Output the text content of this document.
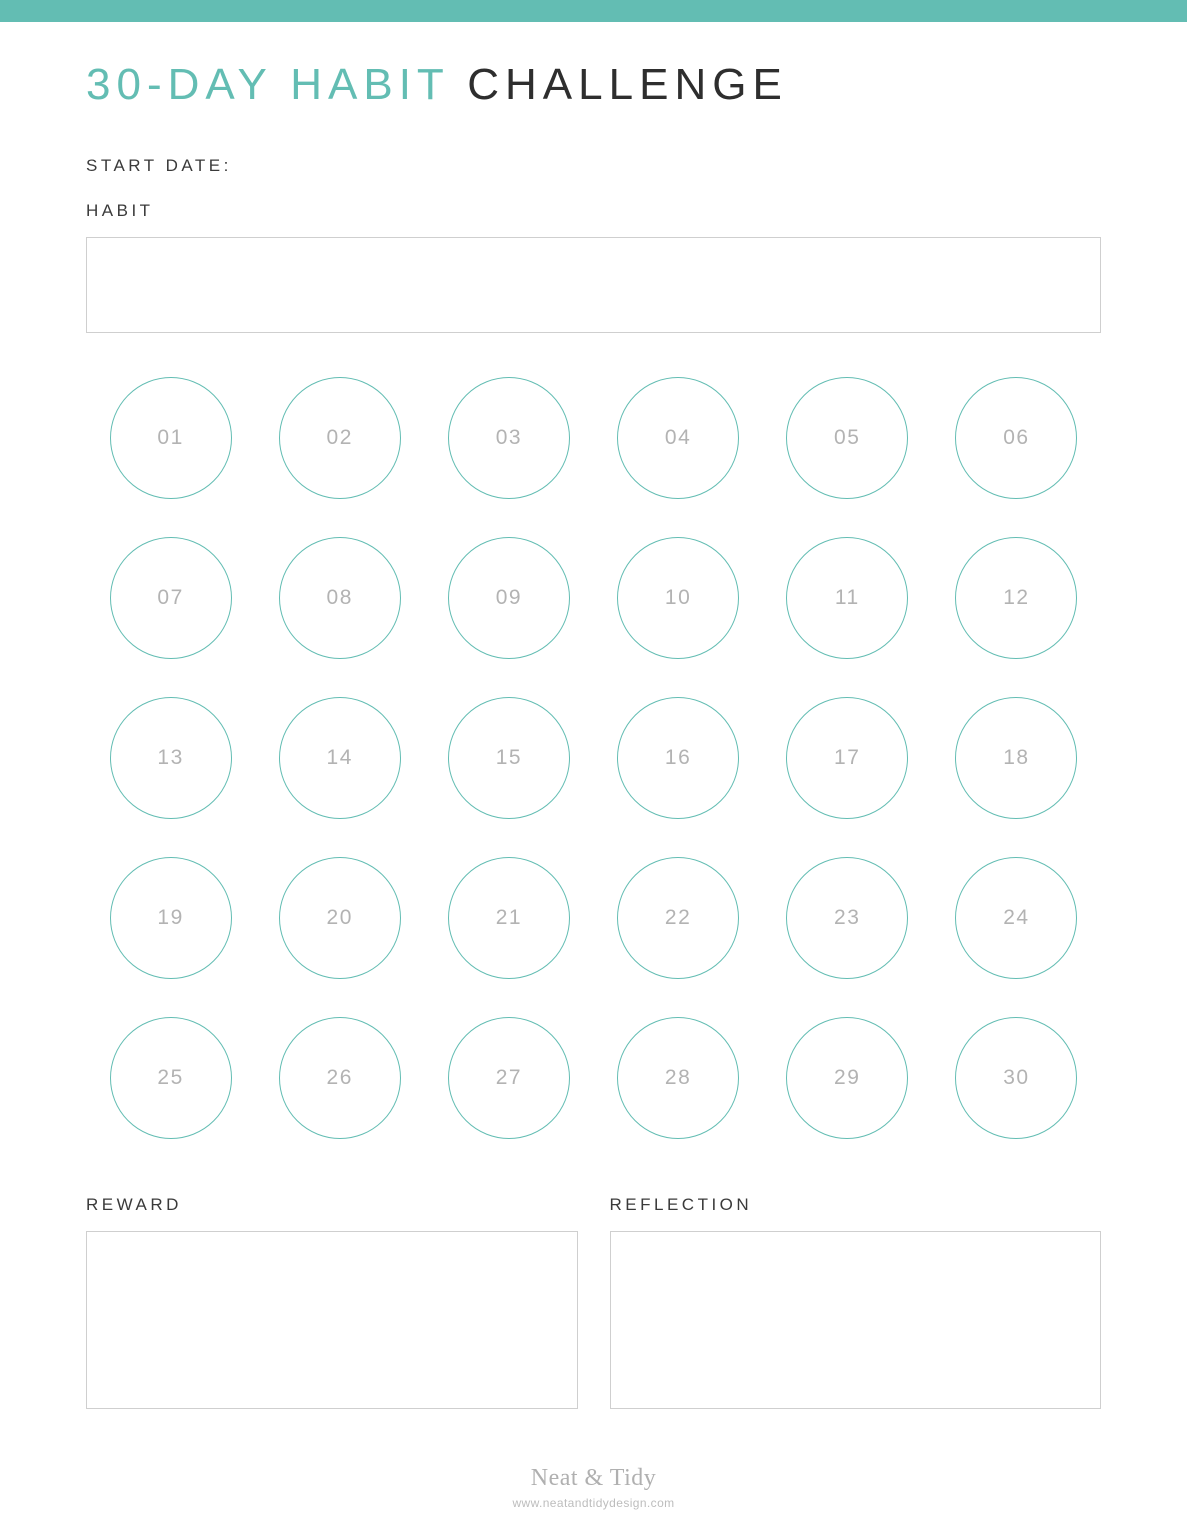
30-DAY HABIT CHALLENGE
START DATE:
HABIT
01	02	03	04	05	06
07	08	09	10	11	12
13	14	15	16	17	18
19	20	21	22	23	24
25	26	27	28	29	30
REWARD	REFLECTION
Neat & Tidy
www.neatandtidydesign.com
